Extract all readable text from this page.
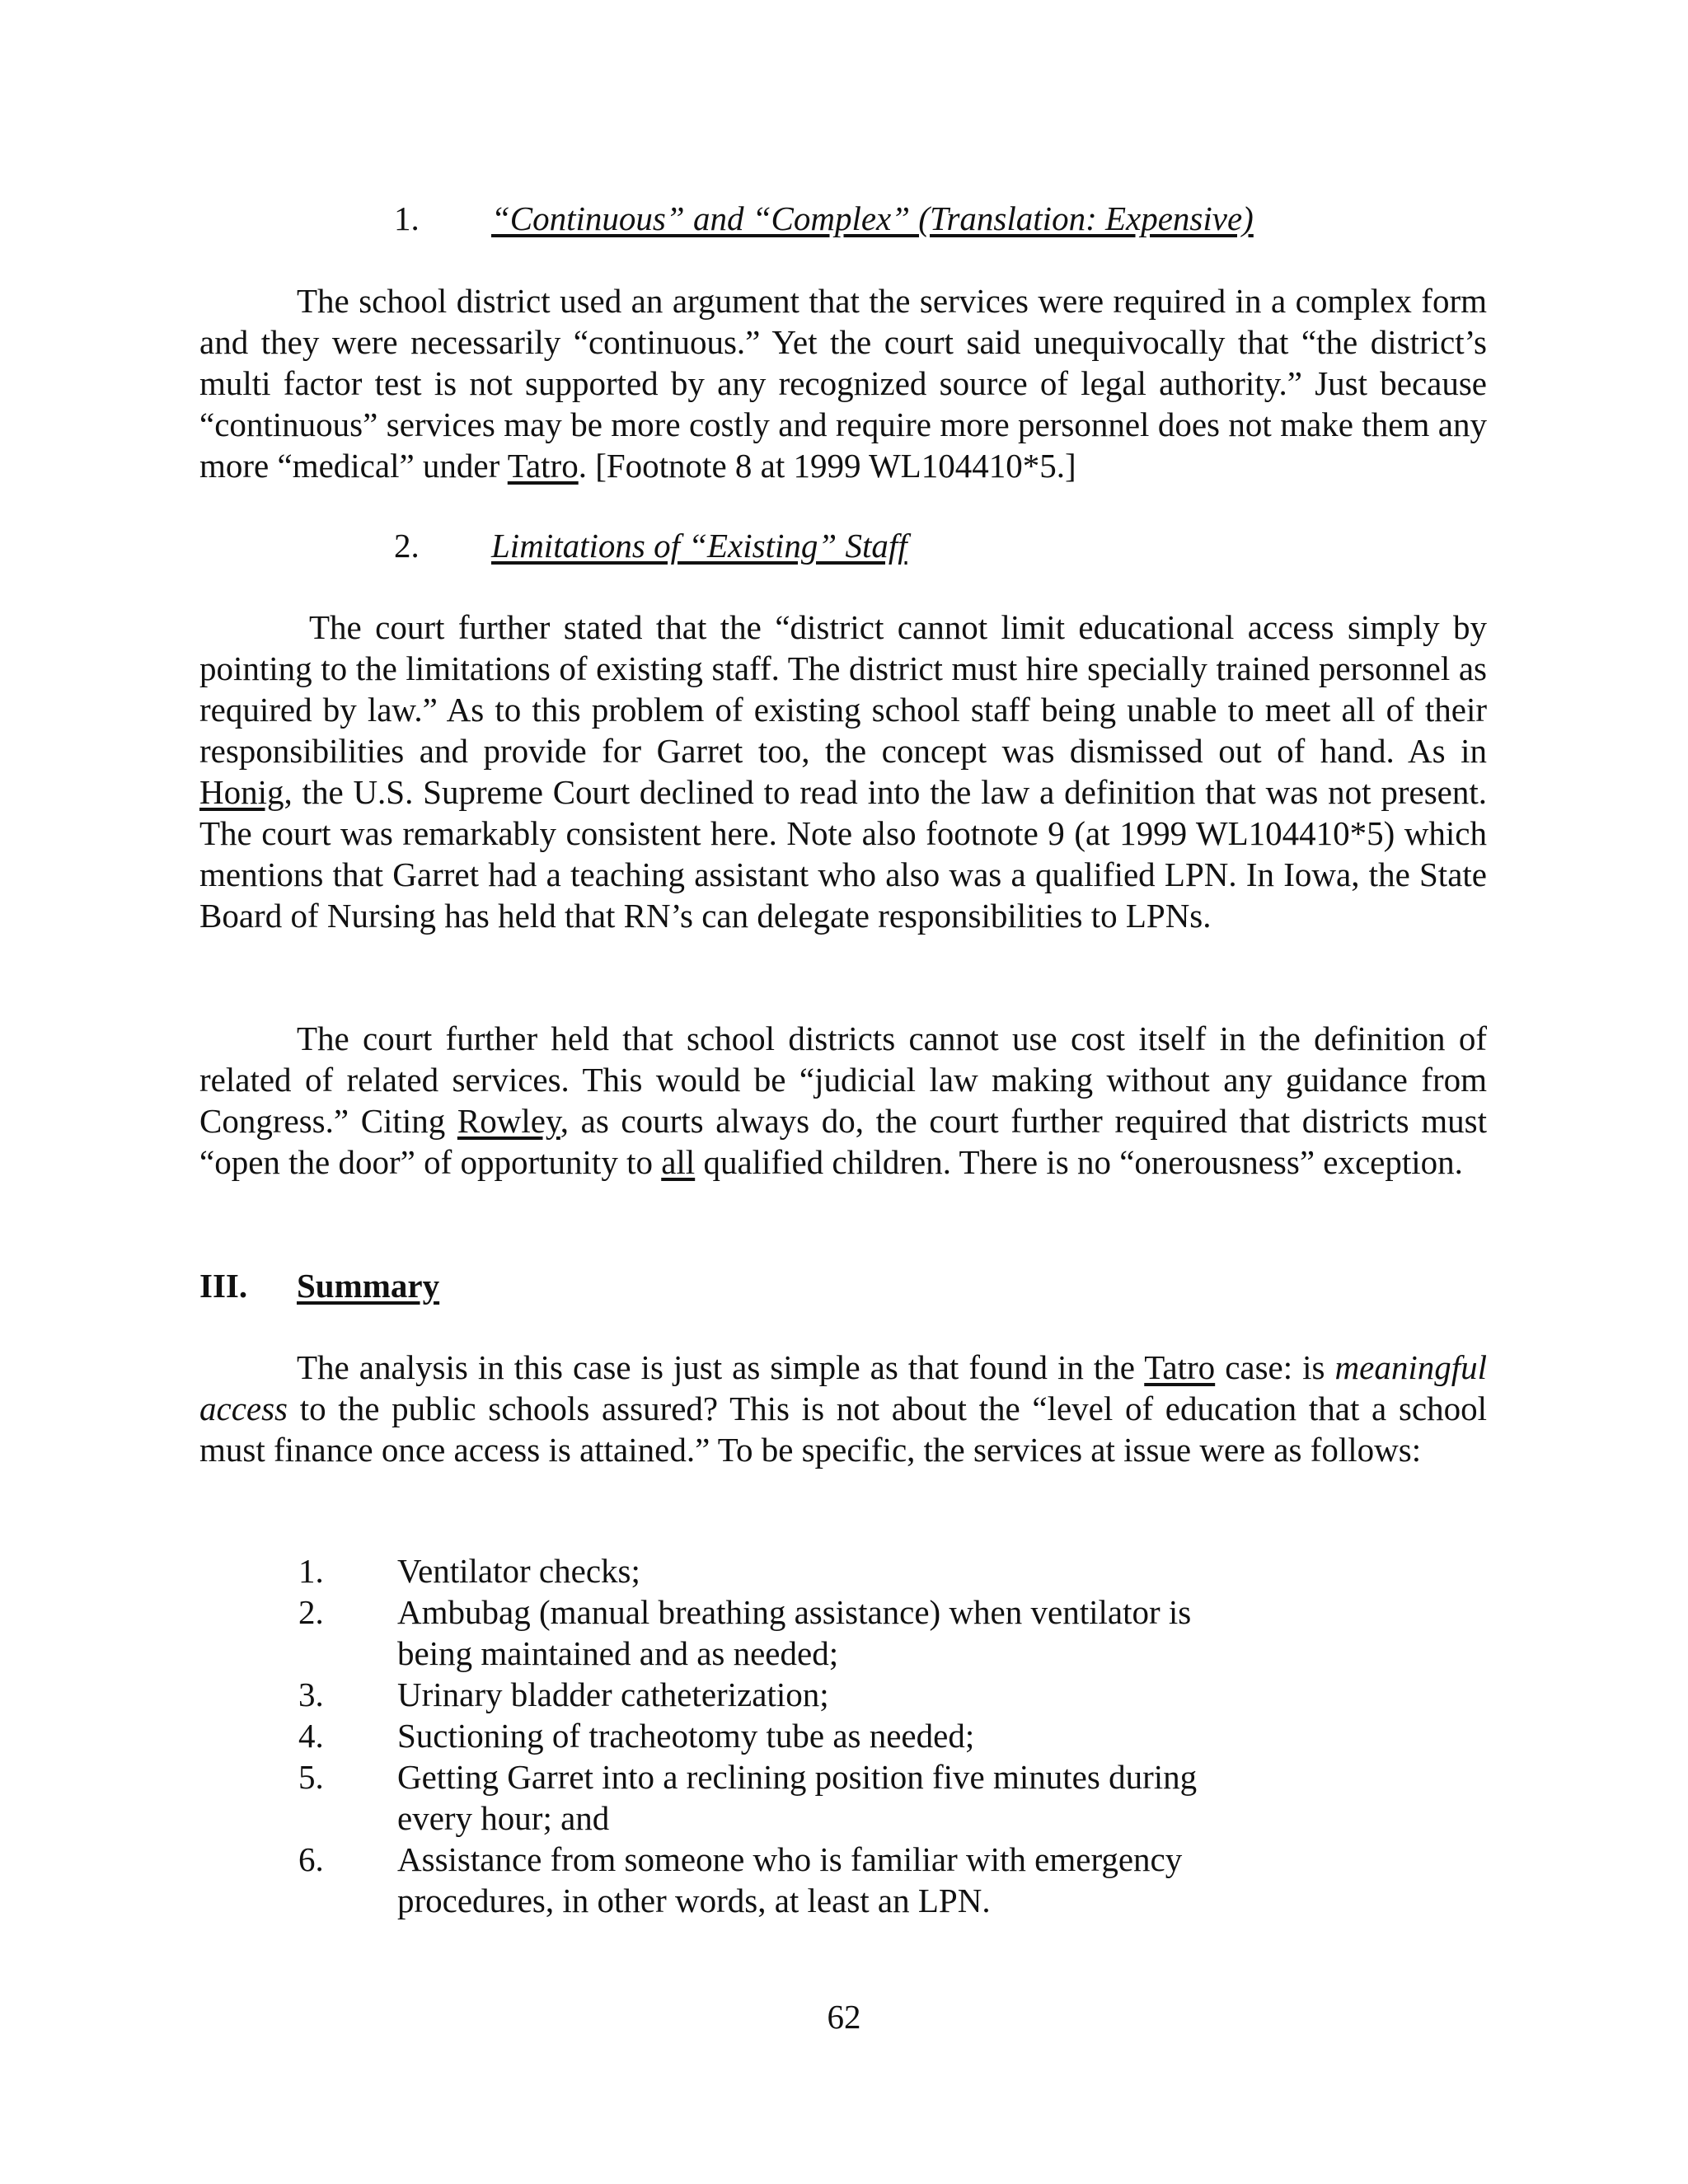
1. “Continuous” and “Complex” (Translation: Expensive)
The school district used an argument that the services were required in a complex form and they were necessarily “continuous.” Yet the court said unequivocally that “the district’s multi factor test is not supported by any recognized source of legal authority.” Just because “continuous” services may be more costly and require more personnel does not make them any more “medical” under Tatro. [Footnote 8 at 1999 WL104410*5.]
2. Limitations of “Existing” Staff
The court further stated that the “district cannot limit educational access simply by pointing to the limitations of existing staff. The district must hire specially trained personnel as required by law.” As to this problem of existing school staff being unable to meet all of their responsibilities and provide for Garret too, the concept was dismissed out of hand. As in Honig, the U.S. Supreme Court declined to read into the law a definition that was not present. The court was remarkably consistent here. Note also footnote 9 (at 1999 WL104410*5) which mentions that Garret had a teaching assistant who also was a qualified LPN. In Iowa, the State Board of Nursing has held that RN’s can delegate responsibilities to LPNs.
The court further held that school districts cannot use cost itself in the definition of related of related services. This would be “judicial law making without any guidance from Congress.” Citing Rowley, as courts always do, the court further required that districts must “open the door” of opportunity to all qualified children. There is no “onerousness” exception.
III. Summary
The analysis in this case is just as simple as that found in the Tatro case: is meaningful access to the public schools assured? This is not about the “level of education that a school must finance once access is attained.” To be specific, the services at issue were as follows:
1. Ventilator checks;
2. Ambubag (manual breathing assistance) when ventilator is
being maintained and as needed;
3. Urinary bladder catheterization;
4. Suctioning of tracheotomy tube as needed;
5. Getting Garret into a reclining position five minutes during
every hour; and
6. Assistance from someone who is familiar with emergency
procedures, in other words, at least an LPN.
62
